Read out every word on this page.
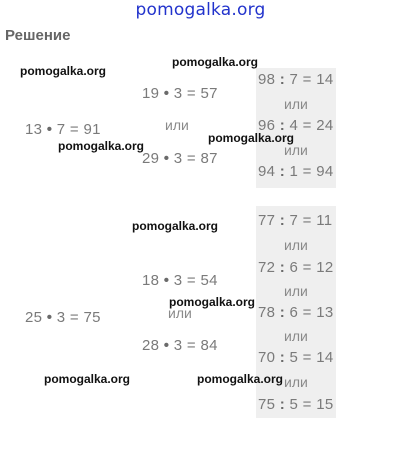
pomogalka.org
Решение
pomogalka.org
pomogalka.org
pomogalka.org
pomogalka.org
pomogalka.org
pomogalka.org
pomogalka.org	pomogalka.org
13 • 7 = 91
19 • 3 = 57
или
29 • 3 = 87
98 : 7 = 14
или
96 : 4 = 24
или
94 : 1 = 94
25 • 3 = 75
18 • 3 = 54
или
28 • 3 = 84
77 : 7 = 11
или
72 : 6 = 12
или
78 : 6 = 13
или
70 : 5 = 14
или
75 : 5 = 15
